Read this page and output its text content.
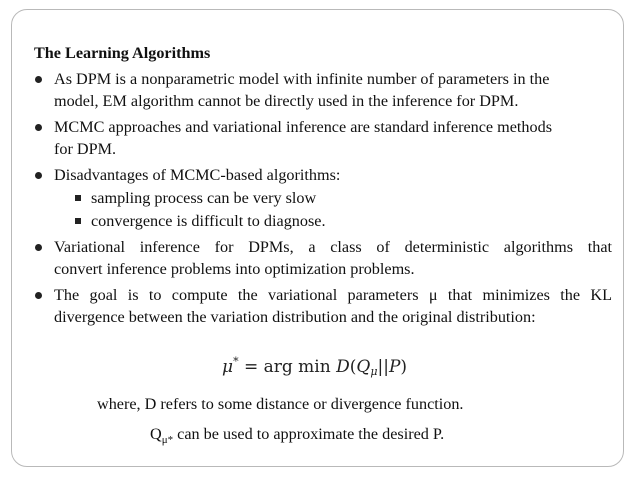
The Learning Algorithms
As DPM is a nonparametric model with infinite number of parameters in the
model, EM algorithm cannot be directly used in the inference for DPM.
MCMC approaches and variational inference are standard inference methods
for DPM.
Disadvantages of MCMC-based algorithms:
sampling process can be very slow
convergence is difficult to diagnose.
Variational inference for DPMs, a class of deterministic algorithms that
convert inference problems into optimization problems.
The goal is to compute the variational parameters μ that minimizes the KL
divergence between the variation distribution and the original distribution:
μ* = arg $\min D(Q_\mu||P)$
where, D refers to some distance or divergence function.
$Q_{\mu*}$ can be used to approximate the desired P.
